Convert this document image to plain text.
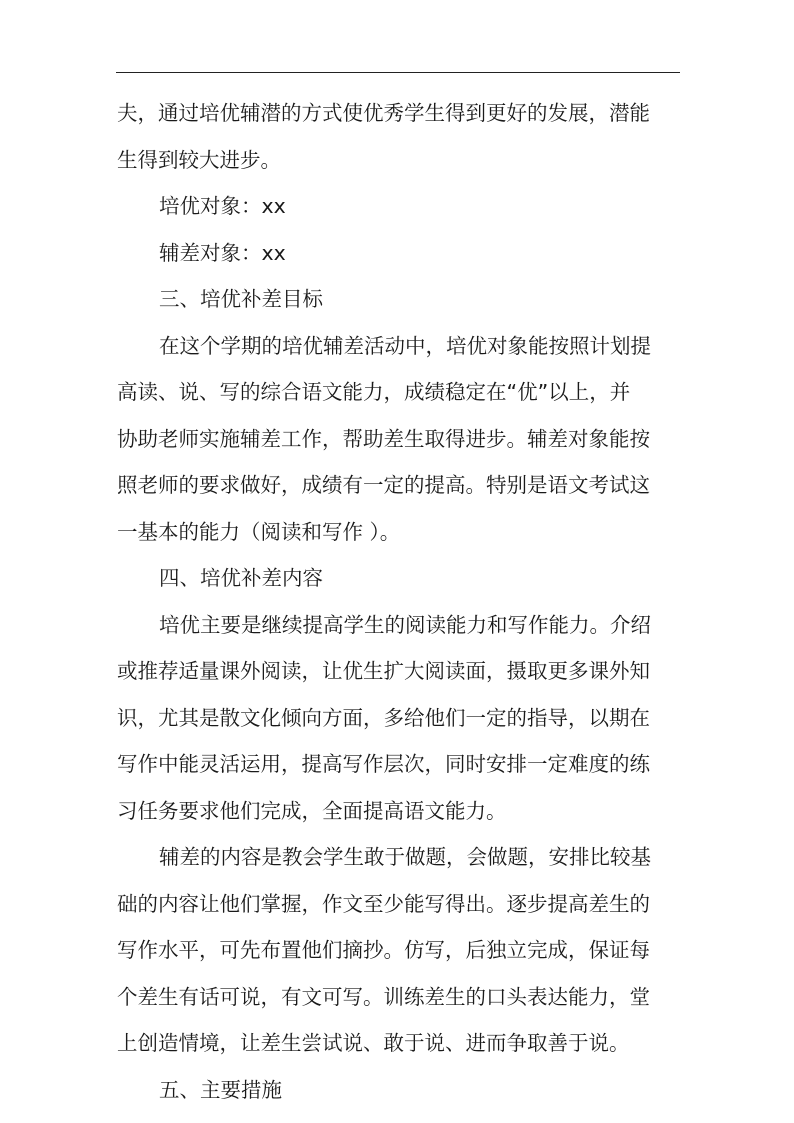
夫，通过培优辅潜的方式使优秀学生得到更好的发展，潜能
生得到较大进步。
培优对象：xx
辅差对象：xx
三、培优补差目标
在这个学期的培优辅差活动中，培优对象能按照计划提
高读、说、写的综合语文能力，成绩稳定在“优”以上，并
协助老师实施辅差工作，帮助差生取得进步。辅差对象能按
照老师的要求做好，成绩有一定的提高。特别是语文考试这
一基本的能力（阅读和写作 ）。
四、培优补差内容
培优主要是继续提高学生的阅读能力和写作能力。介绍
或推荐适量课外阅读，让优生扩大阅读面，摄取更多课外知
识，尤其是散文化倾向方面，多给他们一定的指导，以期在
写作中能灵活运用，提高写作层次，同时安排一定难度的练
习任务要求他们完成，全面提高语文能力。
辅差的内容是教会学生敢于做题，会做题，安排比较基
础的内容让他们掌握，作文至少能写得出。逐步提高差生的
写作水平，可先布置他们摘抄。仿写，后独立完成，保证每
个差生有话可说，有文可写。训练差生的口头表达能力，堂
上创造情境，让差生尝试说、敢于说、进而争取善于说。
五、主要措施
